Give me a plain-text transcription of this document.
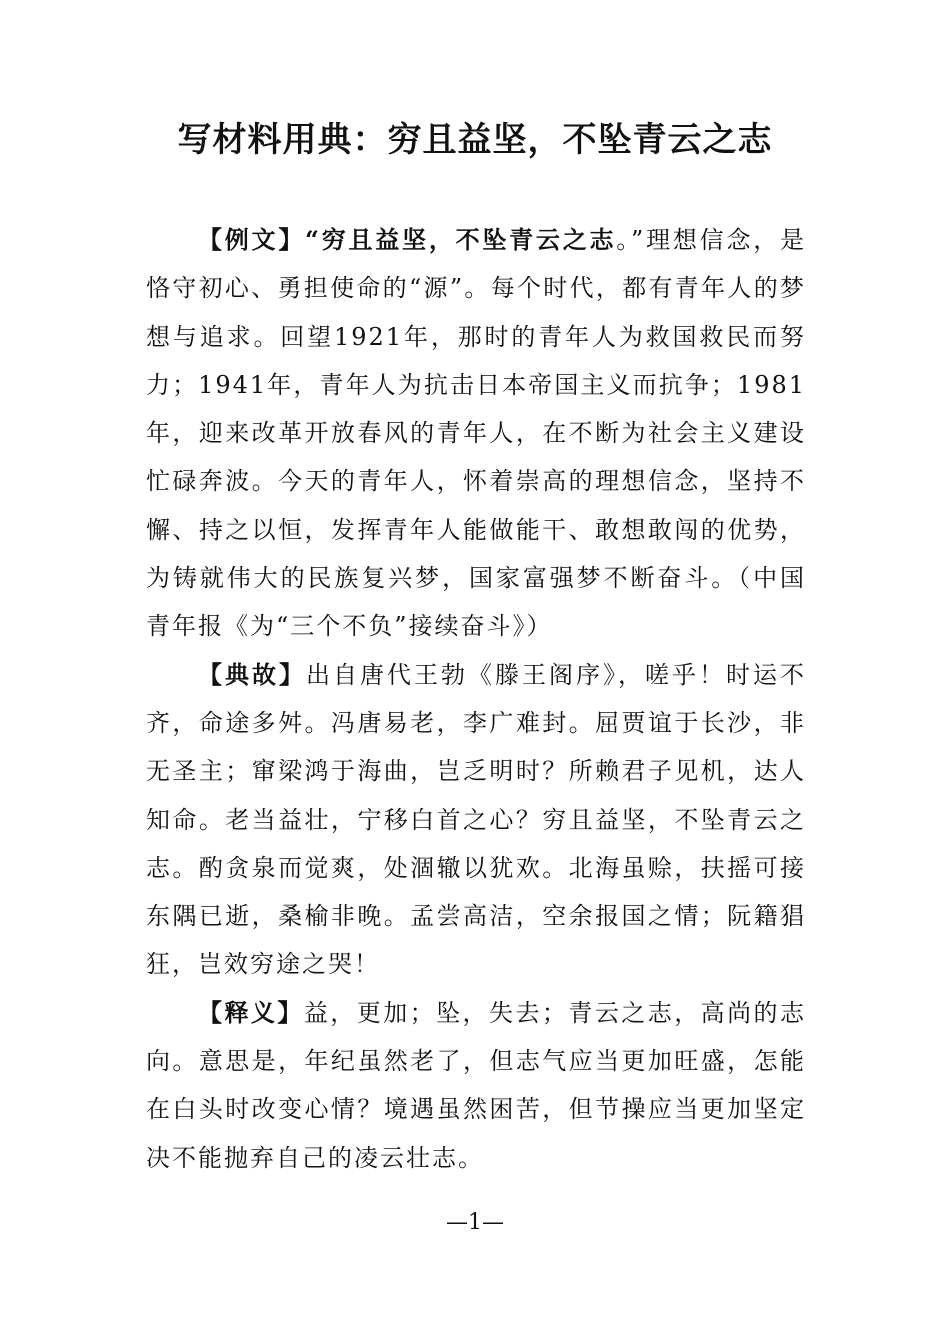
写材料用典：穷且益坚，不坠青云之志

【例文】“穷且益坚，不坠青云之志。”理想信念，是恪守初心、勇担使命的“源”。每个时代，都有青年人的梦想与追求。回望1921年，那时的青年人为救国救民而努力；1941年，青年人为抗击日本帝国主义而抗争；1981年，迎来改革开放春风的青年人，在不断为社会主义建设忙碌奔波。今天的青年人，怀着崇高的理想信念，坚持不懈、持之以恒，发挥青年人能做能干、敢想敢闯的优势，为铸就伟大的民族复兴梦，国家富强梦不断奋斗。（中国青年报《为“三个不负”接续奋斗》）

【典故】出自唐代王勃《滕王阁序》，嗟乎！时运不齐，命途多舛。冯唐易老，李广难封。屈贾谊于长沙，非无圣主；窜梁鸿于海曲，岂乏明时？所赖君子见机，达人知命。老当益壮，宁移白首之心？穷且益坚，不坠青云之志。酌贪泉而觉爽，处涸辙以犹欢。北海虽赊，扶摇可接东隅已逝，桑榆非晚。孟尝高洁，空余报国之情；阮籍猖狂，岂效穷途之哭！

【释义】益，更加；坠，失去；青云之志，高尚的志向。意思是，年纪虽然老了，但志气应当更加旺盛，怎能在白头时改变心情？境遇虽然困苦，但节操应当更加坚定决不能抛弃自己的凌云壮志。

—1—
